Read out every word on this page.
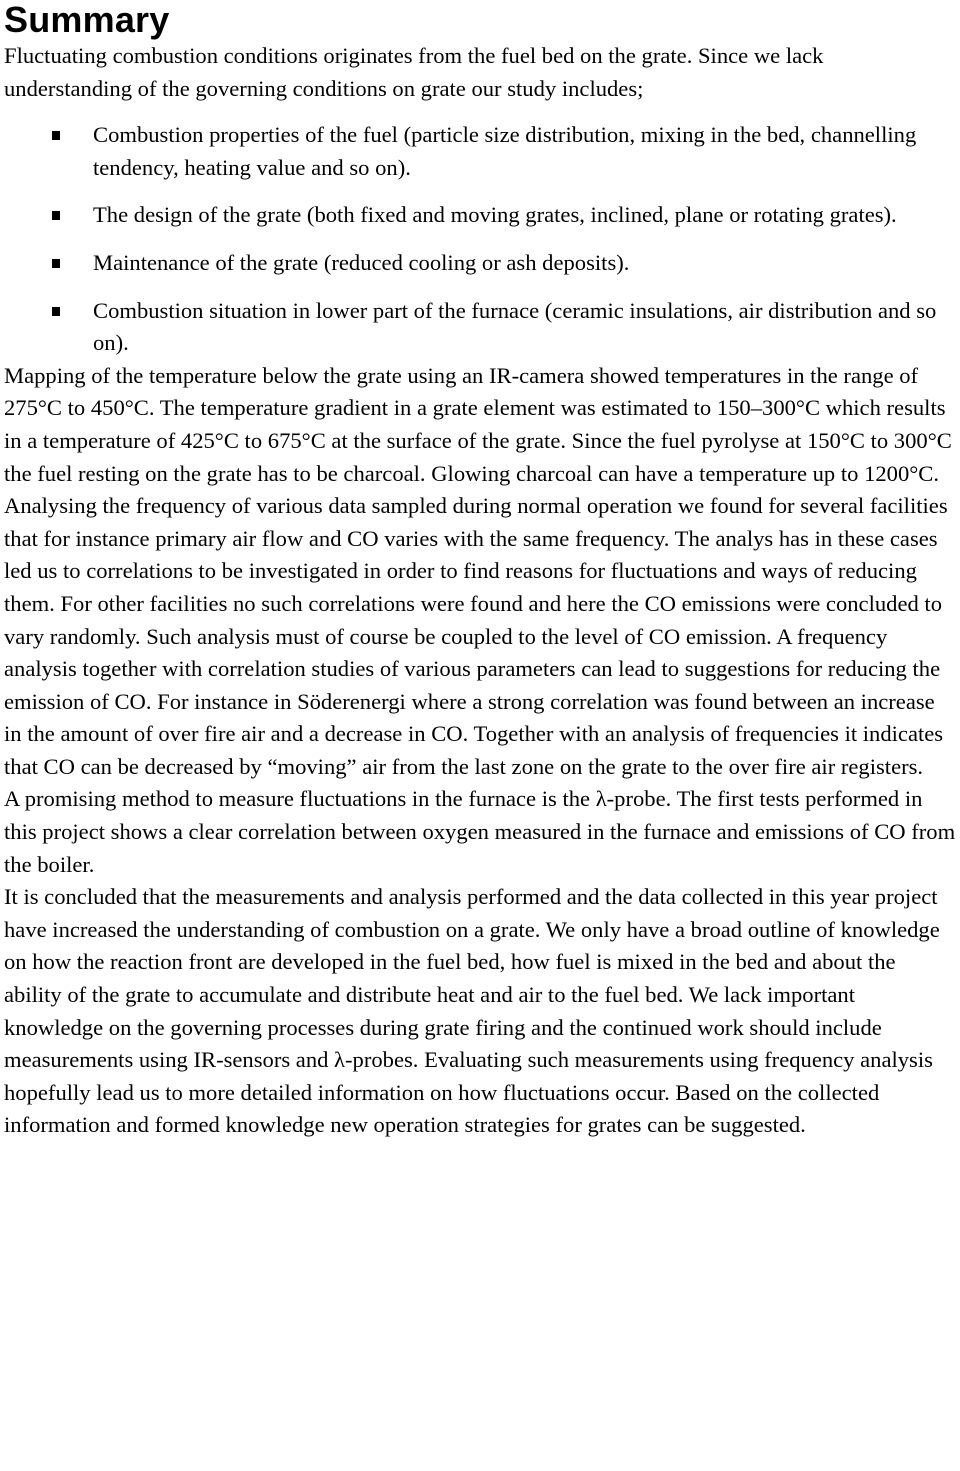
Summary

Fluctuating combustion conditions originates from the fuel bed on the grate. Since we lack understanding of the governing conditions on grate our study includes;

Combustion properties of the fuel (particle size distribution, mixing in the bed, channelling tendency, heating value and so on).
The design of the grate (both fixed and moving grates, inclined, plane or rotating grates).
Maintenance of the grate (reduced cooling or ash deposits).
Combustion situation in lower part of the furnace (ceramic insulations, air distribution and so on).

Mapping of the temperature below the grate using an IR-camera showed temperatures in the range of 275°C to 450°C. The temperature gradient in a grate element was estimated to 150–300°C which results in a temperature of 425°C to 675°C at the surface of the grate. Since the fuel pyrolyse at 150°C to 300°C the fuel resting on the grate has to be charcoal. Glowing charcoal can have a temperature up to 1200°C.

Analysing the frequency of various data sampled during normal operation we found for several facilities that for instance primary air flow and CO varies with the same frequency. The analys has in these cases led us to correlations to be investigated in order to find reasons for fluctuations and ways of reducing them. For other facilities no such correlations were found and here the CO emissions were concluded to vary randomly. Such analysis must of course be coupled to the level of CO emission. A frequency analysis together with correlation studies of various parameters can lead to suggestions for reducing the emission of CO. For instance in Söderenergi where a strong correlation was found between an increase in the amount of over fire air and a decrease in CO. Together with an analysis of frequencies it indicates that CO can be decreased by “moving” air from the last zone on the grate to the over fire air registers.

A promising method to measure fluctuations in the furnace is the λ-probe. The first tests performed in this project shows a clear correlation between oxygen measured in the furnace and emissions of CO from the boiler.

It is concluded that the measurements and analysis performed and the data collected in this year project have increased the understanding of combustion on a grate. We only have a broad outline of knowledge on how the reaction front are developed in the fuel bed, how fuel is mixed in the bed and about the ability of the grate to accumulate and distribute heat and air to the fuel bed. We lack important knowledge on the governing processes during grate firing and the continued work should include measurements using IR-sensors and λ-probes. Evaluating such measurements using frequency analysis hopefully lead us to more detailed information on how fluctuations occur. Based on the collected information and formed knowledge new operation strategies for grates can be suggested.
